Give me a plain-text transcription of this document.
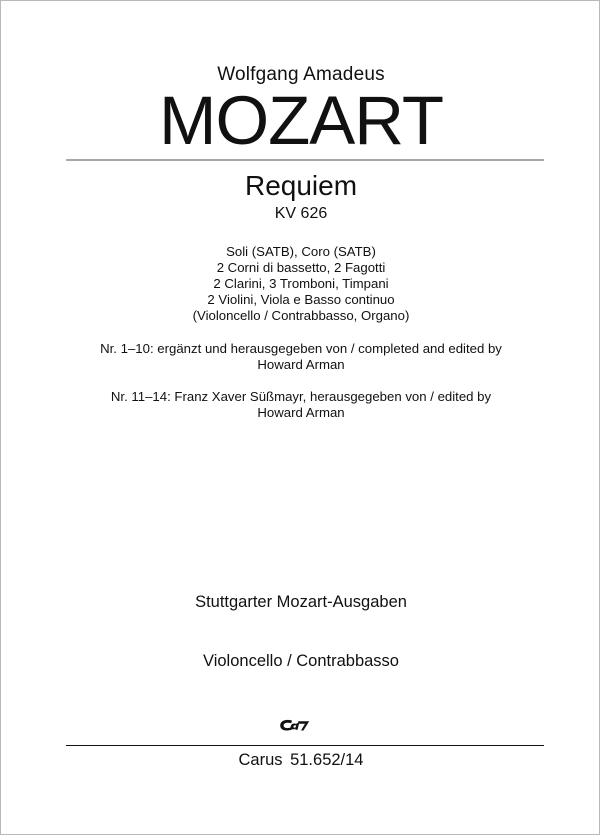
Wolfgang Amadeus
MOZART
Requiem
KV 626
Soli (SATB), Coro (SATB)
2 Corni di bassetto, 2 Fagotti
2 Clarini, 3 Tromboni, Timpani
2 Violini, Viola e Basso continuo
(Violoncello / Contrabbasso, Organo)
Nr. 1–10: ergänzt und herausgegeben von / completed and edited by
Howard Arman
Nr. 11–14: Franz Xaver Süßmayr, herausgegeben von / edited by
Howard Arman
Stuttgarter Mozart-Ausgaben
Violoncello / Contrabbasso
Carus 51.652/14
